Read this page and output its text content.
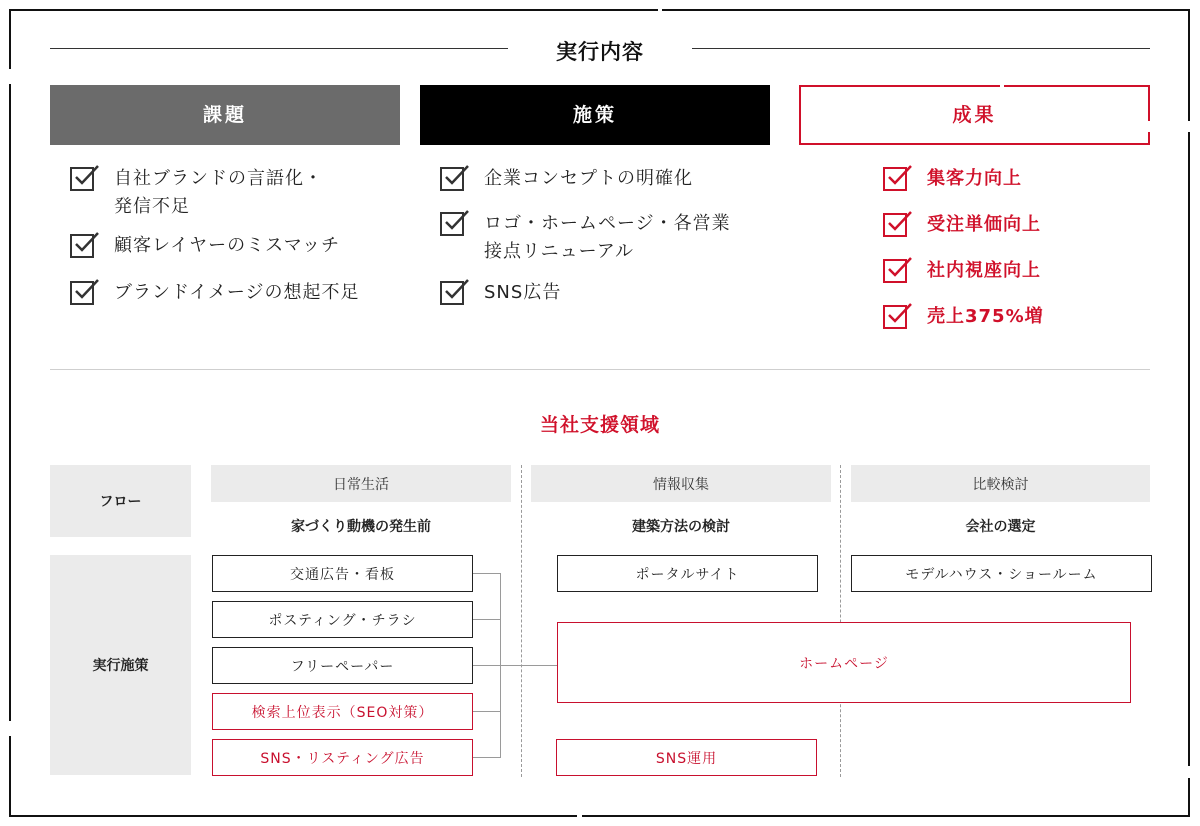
実行内容
課題	施策	成果
自社ブランドの言語化・
発信不足
顧客レイヤーのミスマッチ
ブランドイメージの想起不足
企業コンセプトの明確化
ロゴ・ホームページ・各営業
接点リニューアル
SNS広告
集客力向上
受注単価向上
社内視座向上
売上375%増
当社支援領域
フロー
実行施策
日常生活	情報収集	比較検討
家づくり動機の発生前	建築方法の検討	会社の選定
交通広告・看板
ポスティング・チラシ
フリーペーパー
検索上位表示（SEO対策）
SNS・リスティング広告
ポータルサイト
ホームページ
SNS運用
モデルハウス・ショールーム
